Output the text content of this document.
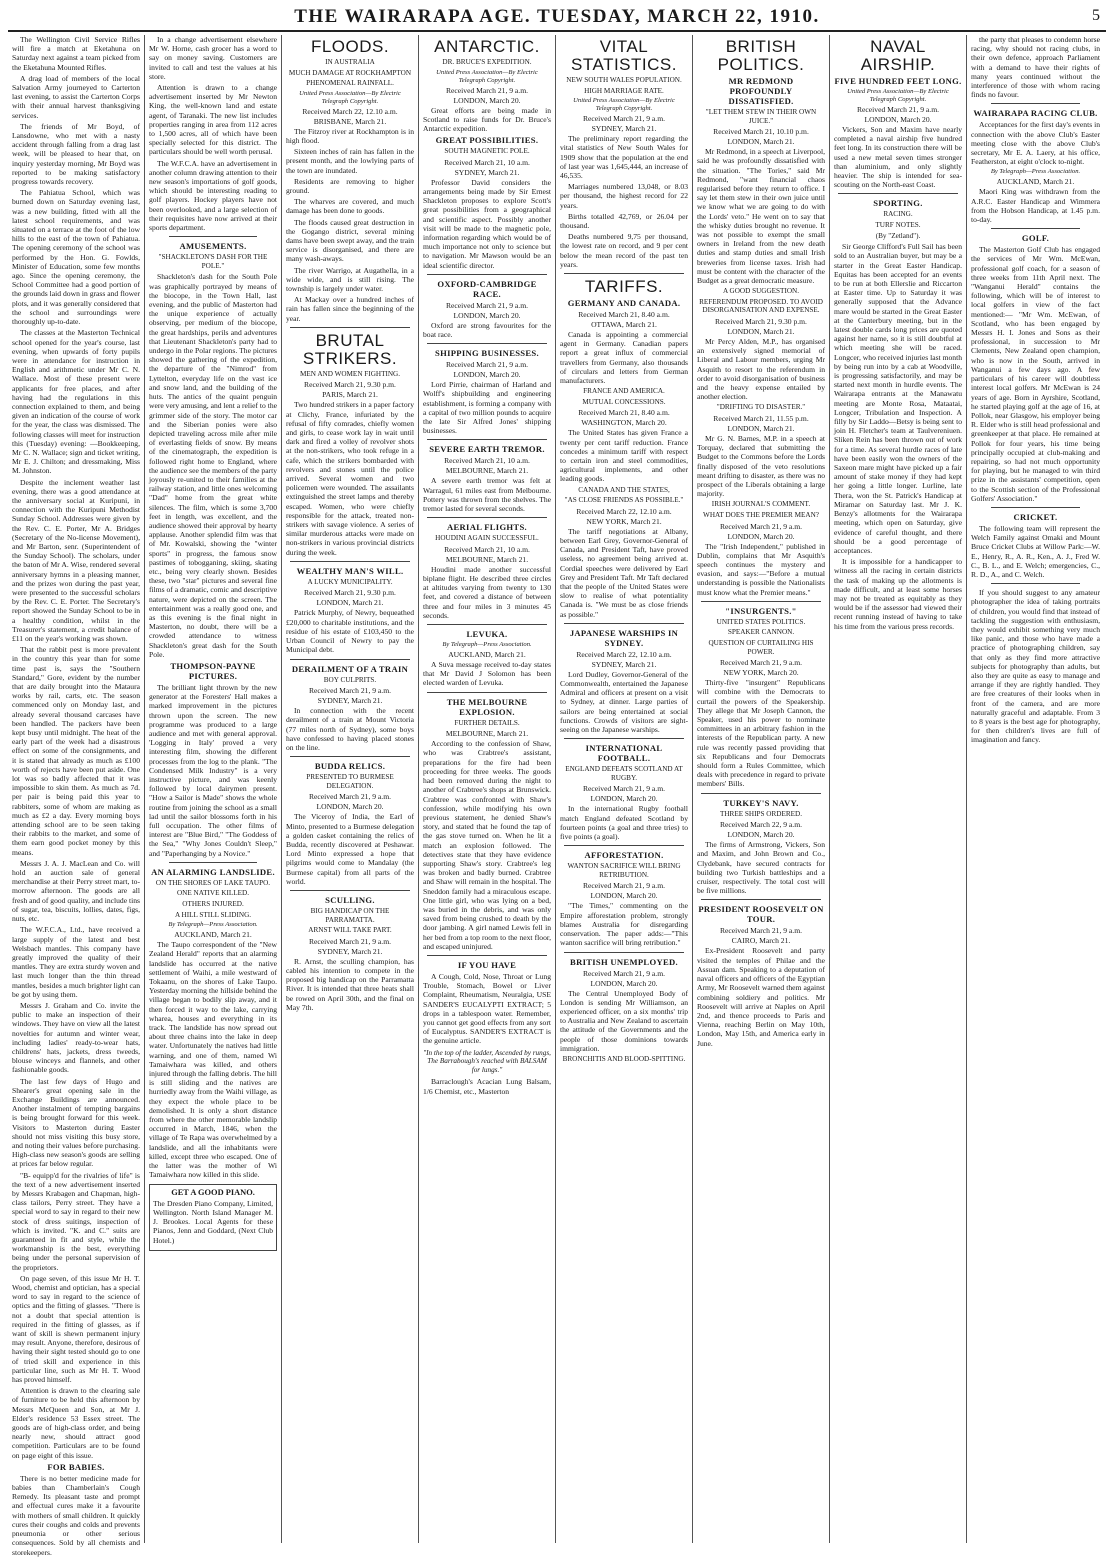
THE WAIRARAPA AGE. TUESDAY, MARCH 22, 1910.	5

The Wellington Civil Service Rifles will fire a match at Eketahuna on Saturday next against a team picked from the Eketahuna Mounted Rifles.

A drag load of members of the local Salvation Army journeyed to Carterton last evening, to assist the Carterton Corps with their annual harvest thanksgiving services.

The friends of Mr Boyd, of Lansdowne, who met with a nasty accident through falling from a drag last week, will be pleased to hear that, on inquiry yesterday morning, Mr Boyd was reported to be making satisfactory progress towards recovery.

The Pahiatua School, which was burned down on Saturday evening last, was a new building, fitted with all the latest school requirements, and was situated on a terrace at the foot of the low hills to the east of the town of Pahiatua. The opening ceremony of the school was performed by the Hon. G. Fowlds, Minister of Education, some few months ago. Since the opening ceremony, the School Committee had a good portion of the grounds laid down in grass and flower plots, and it was generally considered that the school and surroundings were thoroughly up-to-date.

The classes at the Masterton Technical school opened for the year's course, last evening, when upwards of forty pupils were in attendance for instruction in English and arithmetic under Mr C. N. Wallace. Most of these present were applicants for free places, and after having had the regulations in this connection explained to them, and being given an indication of the course of work for the year, the class was dismissed. The following classes will meet for instruction this (Tuesday) evening: —Bookkeeping, Mr C. N. Wallace; sign and ticket writing, Mr E. J. Chilton; and dressmaking, Miss M. Johnston.

Despite the inclement weather last evening, there was a good attendance at the anniversary social at Kuripuni, in connection with the Kuripuni Methodist Sunday School. Addresses were given by the Rev. C. E. Porter, Mr A. Bridges (Secretary of the No-license Movement), and Mr Barton, senr. (Superintendent of the Sunday School). The scholars, under the baton of Mr A. Wise, rendered several anniversary hymns in a pleasing manner, and the prizes won during the past year, were presented to the successful scholars by the Rev. C. E. Porter. The Secretary's report showed the Sunday School to be in a healthy condition, whilst in the Treasurer's statement, a credit balance of £11 on the year's working was shown.

That the rabbit pest is more prevalent in the country this year than for some time past is, says the "Southern Standard," Gore, evident by the number that are daily brought into the Mataura works by rail, carts, etc. The season commenced only on Monday last, and already several thousand carcases have been handled. The packers have been kept busy until midnight. The heat of the early part of the week had a disastrous effect on some of the consignments, and it is stated that already as much as £100 worth of rejects have been put aside. One lot was so badly affected that it was impossible to skin them. As much as 7d. per pair is being paid this year to rabbiters, some of whom are making as much as £2 a day. Every morning boys attending school are to be seen taking their rabbits to the market, and some of them earn good pocket money by this means.

Messrs J. A. J. MacLean and Co. will hold an auction sale of general merchandise at their Perry street mart, to-morrow afternoon. The goods are all fresh and of good quality, and include tins of sugar, tea, biscuits, lollies, dates, figs, nuts, etc.

The W.F.C.A., Ltd., have received a large supply of the latest and best Welsbach mantles. This company have greatly improved the quality of their mantles. They are extra sturdy woven and last much longer than the thin thread mantles, besides a much brighter light can be got by using them.

Messrs J. Graham and Co. invite the public to make an inspection of their windows. They have on view all the latest novelties for autumn and winter wear, including ladies' ready-to-wear hats, childrens' hats, jackets, dress tweeds, blouse winceys and flannels, and other fashionable goods.

The last few days of Hugo and Shearer's great opening sale in the Exchange Buildings are announced. Another instalment of tempting bargains is being brought forward for this week. Visitors to Masterton during Easter should not miss visiting this busy store, and noting their values before purchasing. High-class new season's goods are selling at prices far below regular.

"B- equipp'd for the rivalries of life" is the text of a new advertisement inserted by Messrs Krabagen and Chapman, high-class tailors, Perry street. They have a special word to say in regard to their new stock of dress suitings, inspection of which is invited. "K. and C." suits are guaranteed in fit and style, while the workmanship is the best, everything being under the personal supervision of the proprietors.

On page seven, of this issue Mr H. T. Wood, chemist and optician, has a special word to say in regard to the science of optics and the fitting of glasses. "There is not a doubt that special attention is required in the fitting of glasses, as if want of skill is shewn permanent injury may result. Anyone, therefore, desirous of having their sight tested should go to one of tried skill and experience in this particular line, such as Mr H. T. Wood has proved himself.

Attention is drawn to the clearing sale of furniture to be held this afternoon by Messrs McQueen and Son, at Mr J. Elder's residence 53 Essex street. The goods are of high-class order, and being nearly new, should attract good competition. Particulars are to be found on page eight of this issue.

FOR BABIES.

There is no better medicine made for babies than Chamberlain's Cough Remedy. Its pleasant taste and prompt and effectual cures make it a favourite with mothers of small children. It quickly cures their coughs and colds and prevents pneumonia or other serious consequences. Sold by all chemists and storekeepers.

In a change advertisement elsewhere Mr W. Horne, cash grocer has a word to say on money saving. Customers are invited to call and test the values at his store.

Attention is drawn to a change advertisement inserted by Mr Newton King, the well-known land and estate agent, of Taranaki. The new list includes properties ranging in area from 112 acres to 1,500 acres, all of which have been specially selected for this district. The particulars should be well worth perusal.

The W.F.C.A. have an advertisement in another column drawing attention to their new season's importations of golf goods, which should be interesting reading to golf players. Hockey players have not been overlooked, and a large selection of their requisites have now arrived at their sports department.

AMUSEMENTS.
"SHACKLETON'S DASH FOR THE POLE."

Shackleton's dash for the South Pole was graphically portrayed by means of the biocope, in the Town Hall, last evening, and the public of Masterton had the unique experience of actually observing, per medium of the biocope, the great hardships, perils and adventures that Lieutenant Shackleton's party had to undergo in the Polar regions. The pictures showed the gathering of the expedition, the departure of the "Nimrod" from Lyttelton, everyday life on the vast ice and snow land, and the building of the huts. The antics of the quaint penguin were very amusing, and lent a relief to the grimmer side of the story. The motor car and the Siberian ponies were also depicted traveling across mile after mile of everlasting fields of snow. By means of the cinematograph, the expedition is followed right home to England, where the audience see the members of the party joyously re-united to their families at the railway station, and little ones welcoming "Dad" home from the great white silences. The film, which is some 3,700 feet in length, was excellent, and the audience showed their approval by hearty applause. Another splendid film was that of Mr. Kowalski, showing the "winter sports" in progress, the famous snow pastimes of tobogganing, skiing, skating etc., being very clearly shown. Besides these, two "star" pictures and several fine films of a dramatic, comic and descriptive nature, were depicted on the screen. The entertainment was a really good one, and as this evening is the final night in Masterton, no doubt, there will be a crowded attendance to witness Shackleton's great dash for the South Pole.

THOMPSON-PAYNE PICTURES.

The brilliant light thrown by the new generator at the Foresters' Hall makes a marked improvement in the pictures thrown upon the screen. The new programme was produced to a large audience and met with general approval. 'Logging in Italy' proved a very interesting film, showing the different processes from the log to the plank. "The Condensed Milk Industry" is a very instructive picture, and was keenly followed by local dairymen present. "How a Sailor is Made" shows the whole routine from joining the school as a small lad until the sailor blossoms forth in his full occupation. The other films of interest are "Blue Bird," "The Goddess of the Sea," "Why Jones Couldn't Sleep," and "Paperhanging by a Novice."

AN ALARMING LANDSLIDE.
ON THE SHORES OF LAKE TAUPO.
ONE NATIVE KILLED.
OTHERS INJURED.
A HILL STILL SLIDING.
By Telegraph—Press Association.
AUCKLAND, March 21.

The Taupo correspondent of the "New Zealand Herald" reports that an alarming landslide has occurred at the native settlement of Waihi, a mile westward of Tokaanu, on the shores of Lake Taupo. Yesterday morning the hillside behind the village began to bodily slip away, and it then forced it way to the lake, carrying wharea, houses and everything in its track. The landslide has now spread out about three chains into the lake in deep water. Unfortunately the natives had little warning, and one of them, named Wi Tamaiwhara was killed, and others injured through the falling debris. The hill is still sliding and the natives are hurriedly away from the Waihi village, as they expect the whole place to be demolished. It is only a short distance from where the other memorable landslip occurred in March, 1846, when the village of Te Rapa was overwhelmed by a landslide, and all the inhabitants were killed, except three who escaped. One of the latter was the mother of Wi Tamaiwhara now killed in this slide.

GET A GOOD PIANO.

The Dresden Piano Company, Limited, Wellington. North Island Manager M. J. Brookes. Local Agents for these Pianos, Jenn and Goddard, (Next Club Hotel.)

FLOODS.
IN AUSTRALIA
MUCH DAMAGE AT ROCKHAMPTON
PHENOMENAL RAINFALL.
United Press Association—By Electric Telegraph Copyright.
Received March 22, 12.10 a.m.
BRISBANE, March 21.

The Fitzroy river at Rockhampton is in high flood.

Sixteen inches of rain has fallen in the present month, and the lowlying parts of the town are inundated.

Residents are removing to higher ground.

The wharves are covered, and much damage has been done to goods.

The floods caused great destruction in the Gogango district, several mining dams have been swept away, and the train service is disorganised, and there are many wash-aways.

The river Warrigo, at Augathella, in a wide wide, and is still rising. The township is largely under water.

At Mackay over a hundred inches of rain has fallen since the beginning of the year.

BRUTAL STRIKERS.
MEN AND WOMEN FIGHTING.
Received March 21, 9.30 p.m.
PARIS, March 21.

Two hundred strikers in a paper factory at Clichy, France, infuriated by the refusal of fifty comrades, chiefly women and girls, to cease work lay in wait until dark and fired a volley of revolver shots at the non-strikers, who took refuge in a cafe, which the strikers bombarded with revolvers and stones until the police arrived. Several women and two policemen were wounded. The assailants extinguished the street lamps and thereby escaped. Women, who were chiefly responsible for the attack, treated non-strikers with savage violence. A series of similar murderous attacks were made on non-strikers in various provincial districts during the week.

WEALTHY MAN'S WILL.
A LUCKY MUNICIPALITY.
Received March 21, 9.30 p.m.
LONDON, March 21.

Patrick Murphy, of Newry, bequeathed £20,000 to charitable institutions, and the residue of his estate of £103,450 to the Urban Council of Newry to pay the Municipal debt.

DERAILMENT OF A TRAIN
BOY CULPRITS.
Received March 21, 9 a.m.
SYDNEY, March 21.

In connection with the recent derailment of a train at Mount Victoria (77 miles north of Sydney), some boys have confessed to having placed stones on the line.

BUDDA RELICS.
PRESENTED TO BURMESE DELEGATION.
Received March 21, 9 a.m.
LONDON, March 20.

The Viceroy of India, the Earl of Minto, presented to a Burmese delegation a golden casket containing the relics of Budda, recently discovered at Peshawar. Lord Minto expressed a hope that pilgrims would come to Mandalay (the Burmese capital) from all parts of the world.

SCULLING.
BIG HANDICAP ON THE PARRAMATTA.
ARNST WILL TAKE PART.
Received March 21, 9 a.m.
SYDNEY, March 21.

R. Arnst, the sculling champion, has cabled his intention to compete in the proposed big handicap on the Parramatta River. It is intended that three heats shall be rowed on April 30th, and the final on May 7th.

ANTARCTIC.
DR. BRUCE'S EXPEDITION.
United Press Association—By Electric Telegraph Copyright.
Received March 21, 9 a.m.
LONDON, March 20.

Great efforts are being made in Scotland to raise funds for Dr. Bruce's Antarctic expedition.

GREAT POSSIBILITIES.
SOUTH MAGNETIC POLE.
Received March 21, 10 a.m.
SYDNEY, March 21.

Professor David considers the arrangements being made by Sir Ernest Shackleton proposes to explore Scott's great possibilities from a geographical and scientific aspect. Possibly another visit will be made to the magnetic pole, information regarding which would be of much importance not only to science but to navigation. Mr Mawson would be an ideal scientific director.

OXFORD-CAMBRIDGE RACE.
Received March 21, 9 a.m.
LONDON, March 20.

Oxford are strong favourites for the boat race.

SHIPPING BUSINESSES.
Received March 21, 9 a.m.
LONDON, March 20.

Lord Pirrie, chairman of Harland and Wolff's shipbuilding and engineering establishment, is forming a company with a capital of two million pounds to acquire the late Sir Alfred Jones' shipping businesses.

SEVERE EARTH TREMOR.
Received March 21, 10 a.m.
MELBOURNE, March 21.

A severe earth tremor was felt at Warragul, 61 miles east from Melbourne. Pottery was thrown from the shelves. The tremor lasted for several seconds.

AERIAL FLIGHTS.
HOUDINI AGAIN SUCCESSFUL.
Received March 21, 10 a.m.
MELBOURNE, March 21.

Houdini made another successful biplane flight. He described three circles at altitudes varying from twenty to 130 feet, and covered a distance of between three and four miles in 3 minutes 45 seconds.

LEVUKA.
By Telegraph—Press Association.
AUCKLAND, March 21.

A Suva message received to-day states that Mr David J Solomon has been elected warden of Levuka.

THE MELBOURNE EXPLOSION.
FURTHER DETAILS.
MELBOURNE, March 21.

According to the confession of Shaw, who was Crabtree's assistant, preparations for the fire had been proceeding for three weeks. The goods had been removed during the night to another of Crabtree's shops at Brunswick. Crabtree was confronted with Shaw's confession, while modifying his own previous statement, he denied Shaw's story, and stated that he found the tap of the gas stove turned on. When he lit a match an explosion followed. The detectives state that they have evidence supporting Shaw's story. Crabtree's leg was broken and badly burned. Crabtree and Shaw will remain in the hospital. The Sneddon family had a miraculous escape. One little girl, who was lying on a bed, was buried in the debris, and was only saved from being crushed to death by the door jambing. A girl named Lewis fell in her bed from a top room to the next floor, and escaped uninjured.

IF YOU HAVE

A Cough, Cold, Nose, Throat or Lung Trouble, Stomach, Bowel or Liver Complaint, Rheumatism, Neuralgia, USE SANDER'S EUCALYPTI EXTRACT; 5 drops in a tablespoon water. Remember, you cannot get good effects from any sort of Eucalyptus. SANDER'S EXTRACT is the genuine article.

"In the top of the ladder, Ascended by rungs, The Barrabough's reached with BALSAM for lungs."

Barraclough's Acacian Lung Balsam, 1/6 Chemist, etc., Masterton

VITAL STATISTICS.
NEW SOUTH WALES POPULATION.
HIGH MARRIAGE RATE.
United Press Association—By Electric Telegraph Copyright.
Received March 21, 9 a.m.
SYDNEY, March 21.

The preliminary report regarding the vital statistics of New South Wales for 1909 show that the population at the end of last year was 1,645,444, an increase of 46,535.

Marriages numbered 13,048, or 8.03 per thousand, the highest record for 22 years.

Births totalled 42,769, or 26.04 per thousand.

Deaths numbered 9,75 per thousand, the lowest rate on record, and 9 per cent below the mean record of the past ten years.

TARIFFS.
GERMANY AND CANADA.
Received March 21, 8.40 a.m.
OTTAWA, March 21.

Canada is appointing a commercial agent in Germany. Canadian papers report a great influx of commercial travellers from Germany, also thousands of circulars and letters from German manufacturers.

FRANCE AND AMERICA.
MUTUAL CONCESSIONS.
Received March 21, 8.40 a.m.
WASHINGTON, March 20.

The United States has given France a twenty per cent tariff reduction. France concedes a minimum tariff with respect to certain iron and steel commodities, agricultural implements, and other leading goods.

CANADA AND THE STATES,
"AS CLOSE FRIENDS AS POSSIBLE."
Received March 22, 12.10 a.m.
NEW YORK, March 21.

The tariff negotiations at Albany, between Earl Grey, Governor-General of Canada, and President Taft, have proved useless, no agreement being arrived at. Cordial speeches were delivered by Earl Grey and President Taft. Mr Taft declared that the people of the United States were slow to realise of what potentiality Canada is. "We must be as close friends as possible."

JAPANESE WARSHIPS IN SYDNEY.
Received March 22, 12.10 a.m.
SYDNEY, March 21.

Lord Dudley, Governor-General of the Commonwealth, entertained the Japanese Admiral and officers at present on a visit to Sydney, at dinner. Large parties of sailors are being entertained at social functions. Crowds of visitors are sight-seeing on the Japanese warships.

INTERNATIONAL FOOTBALL.
ENGLAND DEFEATS SCOTLAND AT RUGBY.
Received March 21, 9 a.m.
LONDON, March 20.

In the international Rugby football match England defeated Scotland by fourteen points (a goal and three tries) to five points (a goal).

AFFORESTATION.
WANTON SACRIFICE WILL BRING RETRIBUTION.
Received March 21, 9 a.m.
LONDON, March 20.

"The Times," commenting on the Empire afforestation problem, strongly blames Australia for disregarding conservation. The paper adds:—"This wanton sacrifice will bring retribution."

BRITISH UNEMPLOYED.
Received March 21, 9 a.m.
LONDON, March 20.

The Central Unemployed Body of London is sending Mr Williamson, an experienced officer, on a six months' trip to Australia and New Zealand to ascertain the attitude of the Governments and the people of those dominions towards immigration.

BRONCHITIS AND BLOOD-SPITTING.
BRITISH POLITICS.
MR REDMOND PROFOUNDLY DISSATISFIED.
"LET THEM STEW IN THEIR OWN JUICE."
Received March 21, 10.10 p.m.
LONDON, March 21.

Mr Redmond, in a speech at Liverpool, said he was profoundly dissatisfied with the situation. "The Tories," said Mr Redmond, "want financial chaos regularised before they return to office. I say let them stew in their own juice until we know what we are going to do with the Lords' veto." He went on to say that the whisky duties brought no revenue. It was not possible to exempt the small owners in Ireland from the new death duties and stamp duties and small Irish breweries from license taxes. Irish had must be content with the character of the Budget as a great democratic measure.

A GOOD SUGGESTION.
REFERENDUM PROPOSED. TO AVOID DISORGANISATION AND EXPENSE.
Received March 21, 9.30 p.m.
LONDON, March 21.

Mr Percy Alden, M.P., has organised an extensively signed memorial of Liberal and Labour members, urging Mr Asquith to resort to the referendum in order to avoid disorganisation of business and the heavy expense entailed by another election.

"DRIFTING TO DISASTER."
Received March 21, 11.55 p.m.
LONDON, March 21.

Mr G. N. Barnes, M.P. in a speech at Torquay, declared that submitting the Budget to the Commons before the Lords finally disposed of the veto resolutions meant drifting to disaster, as there was no prospect of the Liberals obtaining a large majority.

IRISH JOURNAL'S COMMENT.
WHAT DOES THE PREMIER MEAN?
Received March 21, 9 a.m.
LONDON, March 20.

The "Irish Independent," published in Dublin, complains that Mr Asquith's speech continues the mystery and evasion, and says:—"Before a mutual understanding is possible the Nationalists must know what the Premier means."

"INSURGENTS."
UNITED STATES POLITICS.
SPEAKER CANNON.
QUESTION OF CURTAILING HIS POWER.
Received March 21, 9 a.m.
NEW YORK, March 20.

Thirty-five "insurgent" Republicans will combine with the Democrats to curtail the powers of the Speakership. They allege that Mr Joseph Cannon, the Speaker, used his power to nominate committees in an arbitrary fashion in the interests of the Republican party. A new rule was recently passed providing that six Republicans and four Democrats should form a Rules Committee, which deals with precedence in regard to private members' Bills.

TURKEY'S NAVY.
THREE SHIPS ORDERED.
Received March 22, 9 a.m.
LONDON, March 20.

The firms of Armstrong, Vickers, Son and Maxim, and John Brown and Co., Clydebank, have secured contracts for building two Turkish battleships and a cruiser, respectively. The total cost will be five millions.

PRESIDENT ROOSEVELT ON TOUR.
Received March 21, 9 a.m.
CAIRO, March 21.

Ex-President Roosevelt and party visited the temples of Philae and the Assuan dam. Speaking to a deputation of naval officers and officers of the Egyptian Army, Mr Roosevelt warned them against combining soldiery and politics. Mr Roosevelt will arrive at Naples on April 2nd, and thence proceeds to Paris and Vienna, reaching Berlin on May 10th, London, May 15th, and America early in June.

NAVAL AIRSHIP.
FIVE HUNDRED FEET LONG.
United Press Association—By Electric Telegraph Copyright.
Received March 21, 9 a.m.
LONDON, March 20.

Vickers, Son and Maxim have nearly completed a naval airship five hundred feet long. In its construction there will be used a new metal seven times stronger than aluminium, and only slightly heavier. The ship is intended for sea-scouting on the North-east Coast.

SPORTING.
RACING.
TURF NOTES.
(By "Zetland").

Sir George Clifford's Full Sail has been sold to an Australian buyer, but may be a starter in the Great Easter Handicap. Equitas has been accepted for an events to be run at both Ellerslie and Riccarton at Easter time. Up to Saturday it was generally supposed that the Advance mare would be started in the Great Easter at the Canterbury meeting, but in the latest double cards long prices are quoted against her name, so it is still doubtful at which meeting she will be raced. Longcer, who received injuries last month by being run into by a cab at Woodville, is progressing satisfactorily, and may be started next month in hurdle events. The Wairarapa entrants at the Manawatu meeting are Monte Rosa, Mataatai, Longcer, Tribulation and Inspection. A filly by Sir Laddo—Betsy is being sent to join H. Fletcher's team at Taulvereniuen. Sliken Rein has been thrown out of work for a time. As several hurdle races of late have been easily won the owners of the Saxeon mare might have picked up a fair amount of stake money if they had kept her going a little longer. Lurline, late Thera, won the St. Patrick's Handicap at Miramar on Saturday last. Mr J. K. Benzy's allotments for the Wairarapa meeting, which open on Saturday, give evidence of careful thought, and there should be a good percentage of acceptances.

It is impossible for a handicapper to witness all the racing in certain districts the task of making up the allotments is made difficult, and at least some horses may not be treated as equitably as they would be if the assessor had viewed their recent running instead of having to take his time from the various press records.

the party that pleases to condemn horse racing, why should not racing clubs, in their own defence, approach Parliament with a demand to have their rights of many years continued without the interference of those with whom racing finds no favour.

WAIRARAPA RACING CLUB.

Acceptances for the first day's events in connection with the above Club's Easter meeting close with the above Club's secretary, Mr E. A. Laery, at his office, Featherston, at eight o'clock to-night.

By Telegraph—Press Association.
AUCKLAND, March 21.

Maori King was withdrawn from the A.R.C. Easter Handicap and Wimmera from the Hobson Handicap, at 1.45 p.m. to-day.

GOLF.

The Masterton Golf Club has engaged the services of Mr Wm. McEwan, professional golf coach, for a season of three weeks from 11th April next. The "Wanganui Herald" contains the following, which will be of interest to local golfers in view of the fact mentioned:— "Mr Wm. McEwan, of Scotland, who has been engaged by Messrs H. I. Jones and Sons as their professional, in succession to Mr Clements, New Zealand open champion, who is now in the South, arrived in Wanganui a few days ago. A few particulars of his career will doubtless interest local golfers. Mr McEwan is 24 years of age. Born in Ayrshire, Scotland, he started playing golf at the age of 16, at Pollok, near Glasgow, his employer being R. Elder who is still head professional and greenkeeper at that place. He remained at Pollok for four years, his time being principally occupied at club-making and repairing, so had not much opportunity for playing, but he managed to win third prize in the assistants' competition, open to the Scottish section of the Professional Golfers' Association."

CRICKET.

The following team will represent the Welch Family against Omaki and Mount Bruce Cricket Clubs at Willow Park:—W. E., Henry, R., A. R., Ken., A. J., Fred W. C., B. L., and E. Welch; emergencies, C., R. D., A., and C. Welch.

If you should suggest to any amateur photographer the idea of taking portraits of children, you would find that instead of tackling the suggestion with enthusiasm, they would exhibit something very much like panic, and those who have made a practice of photographing children, say that only as they find more attractive subjects for photography than adults, but also they are quite as easy to manage and arrange if they are rightly handled. They are free creatures of their looks when in front of the camera, and are more naturally graceful and adaptable. From 3 to 8 years is the best age for photography, for then children's lives are full of imagination and fancy.
